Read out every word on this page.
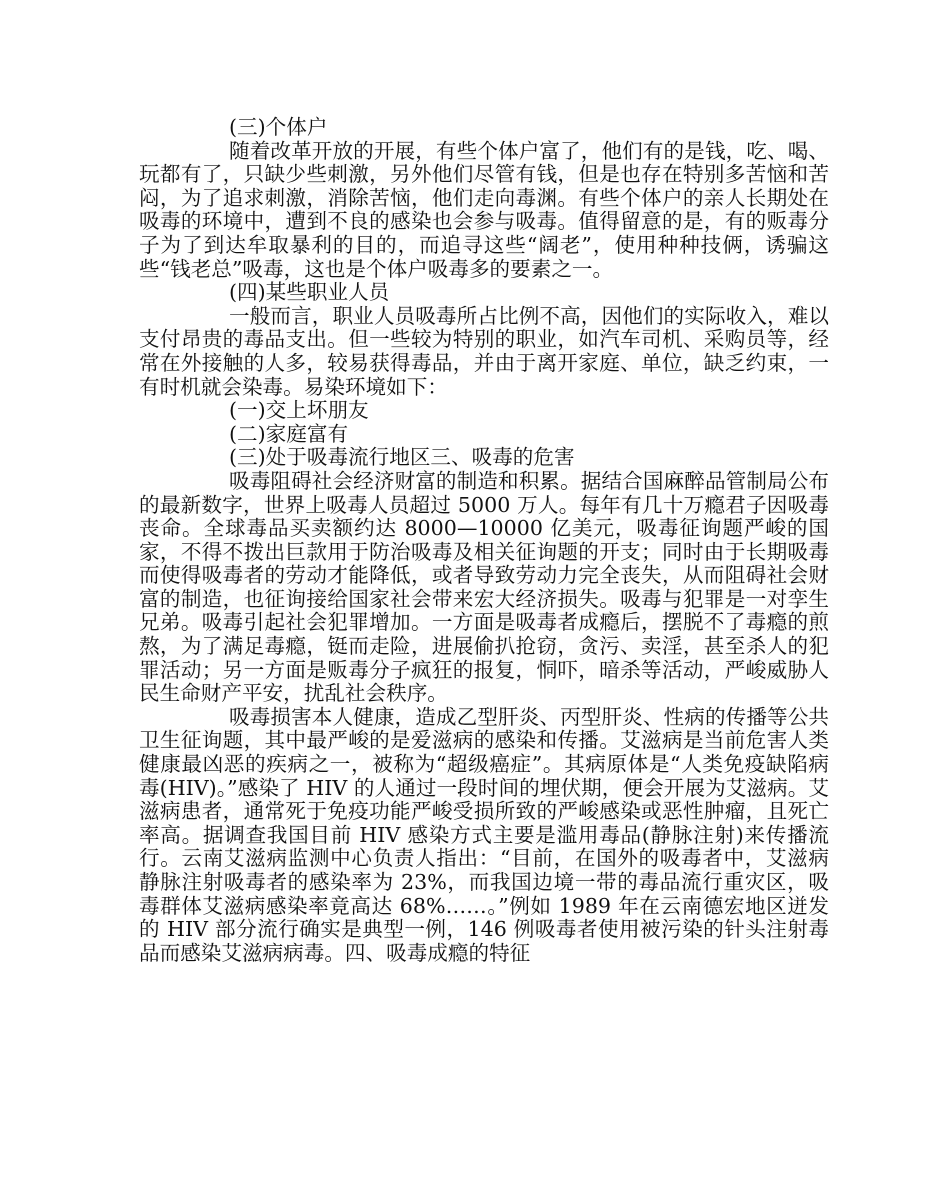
(三)个体户

随着改革开放的开展，有些个体户富了，他们有的是钱，吃、喝、玩都有了，只缺少些刺激，另外他们尽管有钱，但是也存在特别多苦恼和苦闷，为了追求刺激，消除苦恼，他们走向毒渊。有些个体户的亲人长期处在吸毒的环境中，遭到不良的感染也会参与吸毒。值得留意的是，有的贩毒分子为了到达牟取暴利的目的，而追寻这些“阔老”，使用种种技俩，诱骗这些“钱老总”吸毒，这也是个体户吸毒多的要素之一。

(四)某些职业人员

一般而言，职业人员吸毒所占比例不高，因他们的实际收入，难以支付昂贵的毒品支出。但一些较为特别的职业，如汽车司机、采购员等，经常在外接触的人多，较易获得毒品，并由于离开家庭、单位，缺乏约束，一有时机就会染毒。易染环境如下：

(一)交上坏朋友

(二)家庭富有

(三)处于吸毒流行地区三、吸毒的危害

吸毒阻碍社会经济财富的制造和积累。据结合国麻醉品管制局公布的最新数字，世界上吸毒人员超过 5000 万人。每年有几十万瘾君子因吸毒丧命。全球毒品买卖额约达 8000—10000 亿美元，吸毒征询题严峻的国家，不得不拨出巨款用于防治吸毒及相关征询题的开支；同时由于长期吸毒而使得吸毒者的劳动才能降低，或者导致劳动力完全丧失，从而阻碍社会财富的制造，也征询接给国家社会带来宏大经济损失。吸毒与犯罪是一对孪生兄弟。吸毒引起社会犯罪增加。一方面是吸毒者成瘾后，摆脱不了毒瘾的煎熬，为了满足毒瘾，铤而走险，进展偷扒抢窃，贪污、卖淫，甚至杀人的犯罪活动；另一方面是贩毒分子疯狂的报复，恫吓，暗杀等活动，严峻威胁人民生命财产平安，扰乱社会秩序。

吸毒损害本人健康，造成乙型肝炎、丙型肝炎、性病的传播等公共卫生征询题，其中最严峻的是爱滋病的感染和传播。艾滋病是当前危害人类健康最凶恶的疾病之一，被称为“超级癌症”。其病原体是“人类免疫缺陷病毒(HIV)。”感染了 HIV 的人通过一段时间的埋伏期，便会开展为艾滋病。艾滋病患者，通常死于免疫功能严峻受损所致的严峻感染或恶性肿瘤，且死亡率高。据调查我国目前 HIV 感染方式主要是滥用毒品(静脉注射)来传播流行。云南艾滋病监测中心负责人指出：“目前，在国外的吸毒者中，艾滋病静脉注射吸毒者的感染率为 23%，而我国边境一带的毒品流行重灾区，吸毒群体艾滋病感染率竟高达 68%……。”例如 1989 年在云南德宏地区迸发的 HIV 部分流行确实是典型一例，146 例吸毒者使用被污染的针头注射毒品而感染艾滋病病毒。四、吸毒成瘾的特征
